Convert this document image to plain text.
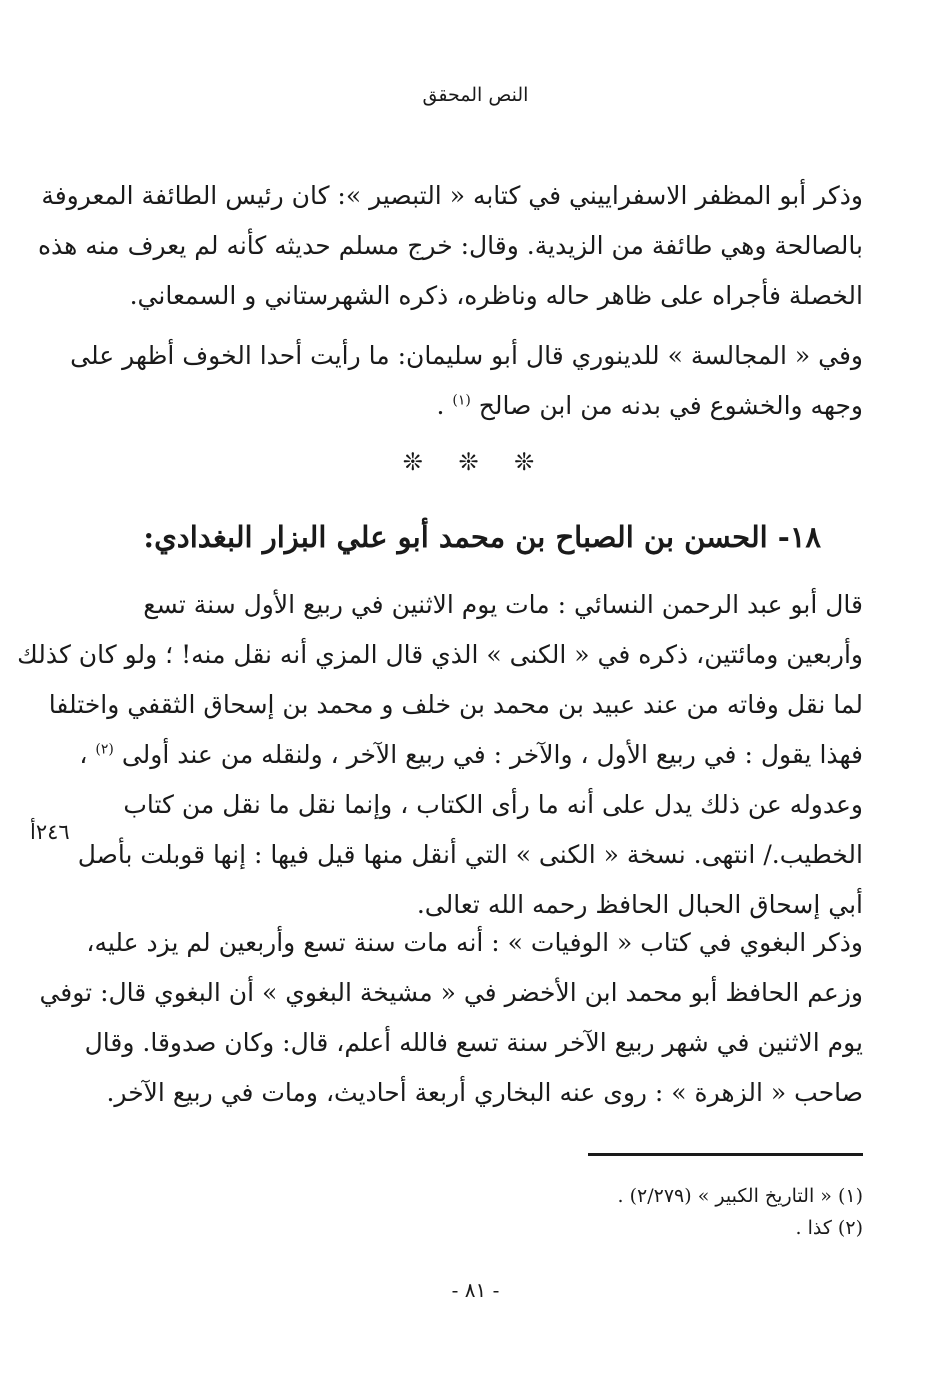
النص المحقق
وذكر أبو المظفر الاسفراييني في كتابه « التبصير »: كان رئيس الطائفة المعروفة
بالصالحة وهي طائفة من الزيدية. وقال: خرج مسلم حديثه كأنه لم يعرف منه هذه
الخصلة فأجراه على ظاهر حاله وناظره، ذكره الشهرستاني و السمعاني.
وفي « المجالسة » للدينوري قال أبو سليمان: ما رأيت أحدا الخوف أظهر على
وجهه والخشوع في بدنه من ابن صالح $^{(١)}$ .
❊ ❊ ❊
١٨- الحسن بن الصباح بن محمد أبو علي البزار البغدادي:
قال أبو عبد الرحمن النسائي : مات يوم الاثنين في ربيع الأول سنة تسع
وأربعين ومائتين، ذكره في « الكنى » الذي قال المزي أنه نقل منه! ؛ ولو كان كذلك
لما نقل وفاته من عند عبيد بن محمد بن خلف و محمد بن إسحاق الثقفي واختلفا
فهذا يقول : في ربيع الأول ، والآخر : في ربيع الآخر ، ولنقله من عند أولى $^{(٢)}$ ،
وعدوله عن ذلك يدل على أنه ما رأى الكتاب ، وإنما نقل ما نقل من كتاب
الخطيب./ انتهى. نسخة « الكنى » التي أنقل منها قيل فيها : إنها قوبلت بأصل
أبي إسحاق الحبال الحافظ رحمه الله تعالى.
٢٤٦أ
وذكر البغوي في كتاب « الوفيات » : أنه مات سنة تسع وأربعين لم يزد عليه،
وزعم الحافظ أبو محمد ابن الأخضر في « مشيخة البغوي » أن البغوي قال: توفي
يوم الاثنين في شهر ربيع الآخر سنة تسع فالله أعلم، قال: وكان صدوقا. وقال
صاحب « الزهرة » : روى عنه البخاري أربعة أحاديث، ومات في ربيع الآخر.
(١) « التاريخ الكبير » (٢/٢٧٩) .
(٢) كذا .
- ٨١ -
